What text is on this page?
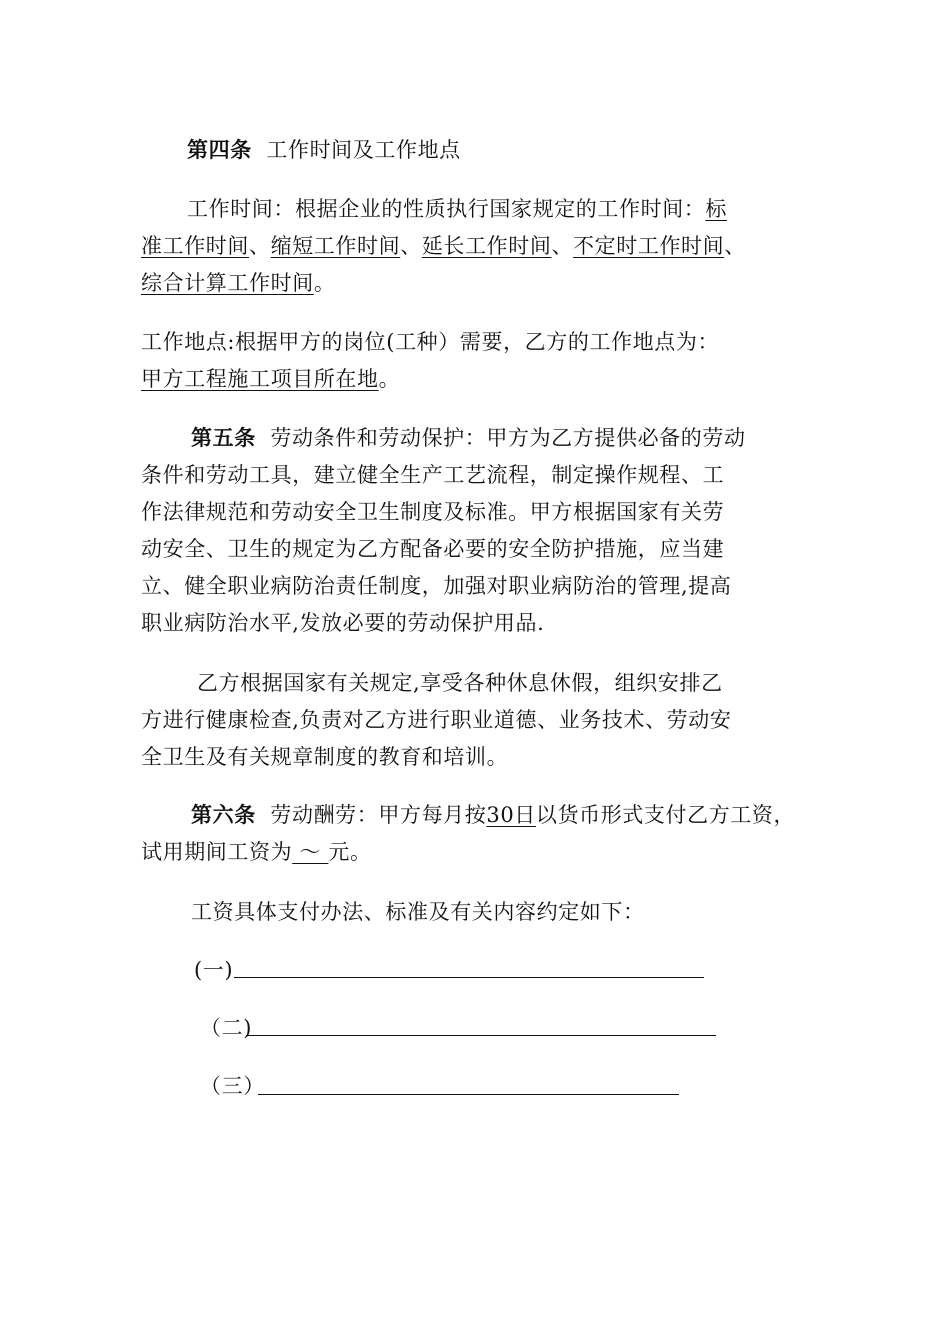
第四条 工作时间及工作地点
工作时间：根据企业的性质执行国家规定的工作时间：标
准工作时间、缩短工作时间、延长工作时间、不定时工作时间、
综合计算工作时间。
工作地点:根据甲方的岗位(工种）需要，乙方的工作地点为：
甲方工程施工项目所在地。
第五条 劳动条件和劳动保护：甲方为乙方提供必备的劳动
条件和劳动工具，建立健全生产工艺流程，制定操作规程、工
作法律规范和劳动安全卫生制度及标准。甲方根据国家有关劳
动安全、卫生的规定为乙方配备必要的安全防护措施，应当建
立、健全职业病防治责任制度，加强对职业病防治的管理,提高
职业病防治水平,发放必要的劳动保护用品.
乙方根据国家有关规定,享受各种休息休假，组织安排乙
方进行健康检查,负责对乙方进行职业道德、业务技术、劳动安
全卫生及有关规章制度的教育和培训。
第六条 劳动酬劳：甲方每月按30日以货币形式支付乙方工资，
试用期间工资为 ～ 元。
工资具体支付办法、标准及有关内容约定如下：
(一)
（二)
（三）
